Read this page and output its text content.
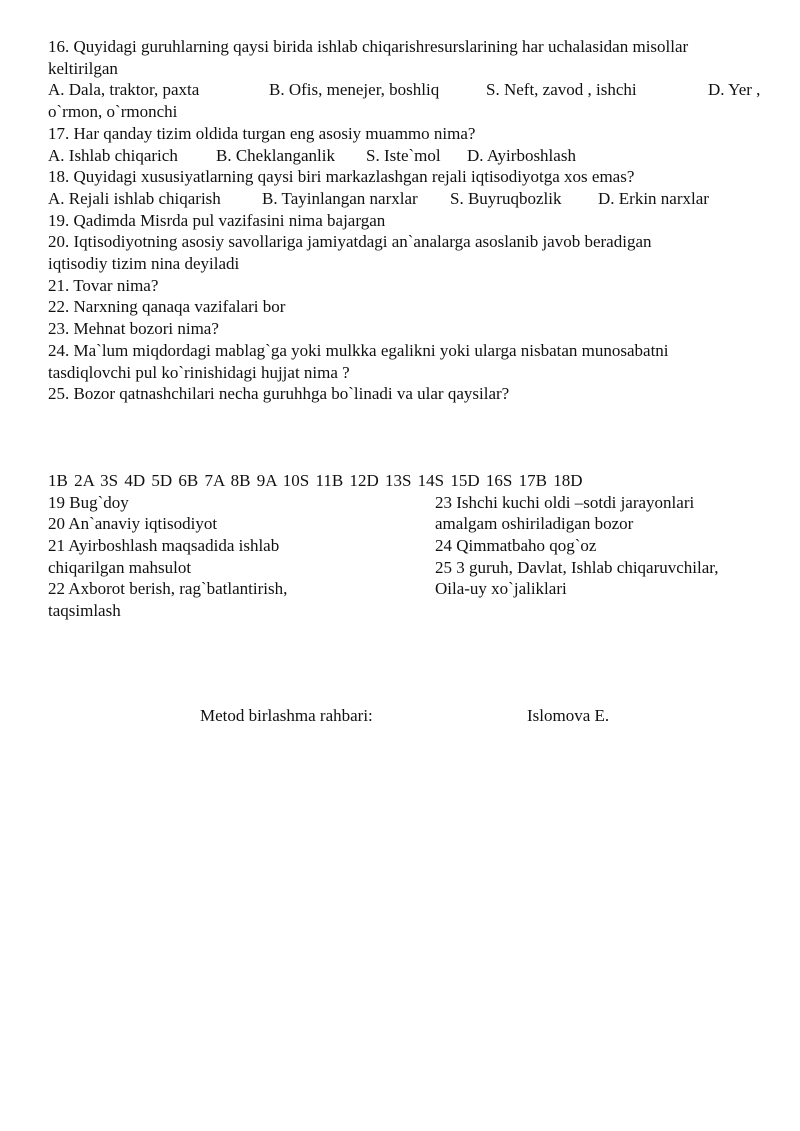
16. Quyidagi guruhlarning qaysi birida ishlab chiqarishresurslarining har uchalasidan misollar
keltirilgan
A. Dala, traktor, paxta	B. Ofis, menejer, boshliq	S. Neft, zavod , ishchi	D. Yer ,
o`rmon, o`rmonchi
17. Har qanday tizim oldida turgan eng asosiy muammo nima?
A. Ishlab chiqarich	B. Cheklanganlik	S. Iste`mol	D. Ayirboshlash
18. Quyidagi xususiyatlarning qaysi biri markazlashgan rejali iqtisodiyotga xos emas?
A. Rejali ishlab chiqarish	B. Tayinlangan narxlar	S. Buyruqbozlik	D. Erkin narxlar
19. Qadimda Misrda pul vazifasini nima bajargan
20. Iqtisodiyotning asosiy savollariga jamiyatdagi an`analarga asoslanib javob beradigan
iqtisodiy tizim nina deyiladi
21. Tovar nima?
22. Narxning qanaqa vazifalari bor
23. Mehnat bozori nima?
24. Ma`lum miqdordagi mablag`ga yoki mulkka egalikni yoki ularga nisbatan munosabatni
tasdiqlovchi pul ko`rinishidagi hujjat nima ?
25. Bozor qatnashchilari necha guruhhga bo`linadi va ular qaysilar?
1B 2A 3S 4D 5D 6B 7A 8B 9A 10S 11B 12D 13S 14S 15D 16S 17B 18D
19 Bug`doy
20 An`anaviy iqtisodiyot
21 Ayirboshlash maqsadida ishlab
chiqarilgan mahsulot
22 Axborot berish, rag`batlantirish,
taqsimlash
23 Ishchi kuchi oldi –sotdi jarayonlari
amalgam oshiriladigan bozor
24 Qimmatbaho qog`oz
25 3 guruh, Davlat, Ishlab chiqaruvchilar,
Oila-uy xo`jaliklari
Metod birlashma rahbari:	Islomova E.
